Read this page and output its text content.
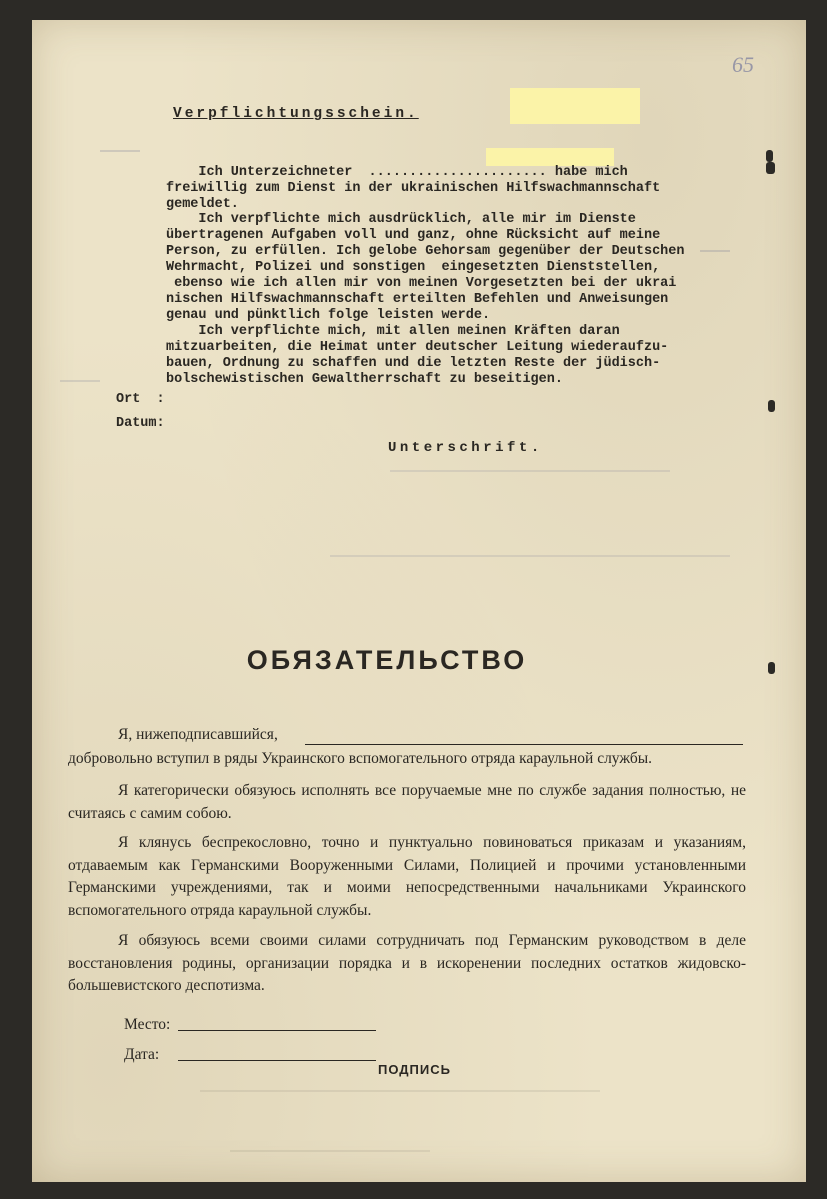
65
Verpflichtungsschein.
Ich Unterzeichneter  ...................... habe mich
freiwillig zum Dienst in der ukrainischen Hilfswachmannschaft
gemeldet.
Ich verpflichte mich ausdrücklich, alle mir im Dienste
übertragenen Aufgaben voll und ganz, ohne Rücksicht auf meine
Person, zu erfüllen. Ich gelobe Gehorsam gegenüber der Deutschen
Wehrmacht, Polizei und sonstigen  eingesetzten Dienststellen,
ebenso wie ich allen mir von meinen Vorgesetzten bei der ukrai
nischen Hilfswachmannschaft erteilten Befehlen und Anweisungen
genau und pünktlich folge leisten werde.
Ich verpflichte mich, mit allen meinen Kräften daran
mitzuarbeiten, die Heimat unter deutscher Leitung wiederaufzu-
bauen, Ordnung zu schaffen und die letzten Reste der jüdisch-
bolschewistischen Gewaltherrschaft zu beseitigen.
Ort  :
Datum:
Unterschrift.
ОБЯЗАТЕЛЬСТВО
Я, нижеподписавшийся,
добровольно вступил в ряды Украинского вспомогательного отряда караульной службы.
Я категорически обязуюсь исполнять все поручаемые мне по службе задания полностью, не считаясь с самим собою.
Я клянусь беспрекословно, точно и пунктуально повиноваться приказам и указаниям, отдаваемым как Германскими Вооруженными Силами, Полицией и прочими установленными Германскими учреждениями, так и моими непосредственными начальниками Украинского вспомогательного отряда караульной службы.
Я обязуюсь всеми своими силами сотрудничать под Германским руководством в деле восстановления родины, организации порядка и в искоренении последних остатков жидовско-большевистского деспотизма.
Место:
Дата:
ПОДПИСЬ
